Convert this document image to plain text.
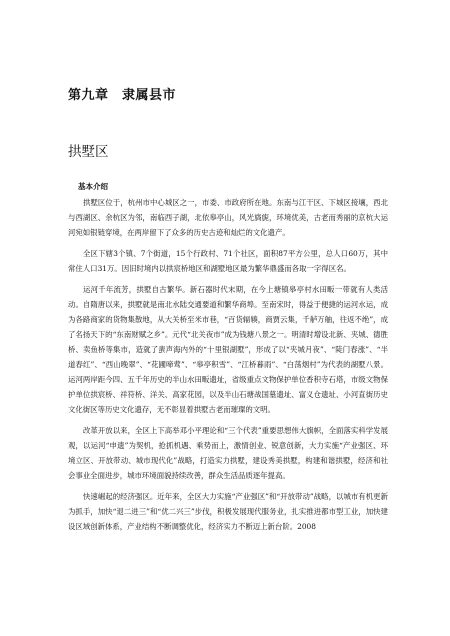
第九章　隶属县市
拱墅区

基本介绍

拱墅区位于，杭州市中心城区之一，市委、市政府所在地。东南与江干区、下城区接壤，西北与西湖区、余杭区为邻，南临西子湖，北依皋亭山，风光旖旎，环境优美，古老而秀丽的京杭大运河宛如银链穿境，在两岸留下了众多的历史古迹和灿烂的文化遗产。

全区下辖3个镇、7个街道，15个行政村、71个社区，面积87平方公里，总人口60万，其中常住人口31万。因旧时境内以拱宸桥地区和湖墅地区最为繁华鼎盛而各取一字得区名。

运河千年流芳，拱墅自古繁华。新石器时代末期，在今上塘镇皋亭村水田畈一带就有人类活动。自隋唐以来，拱墅就是南北水陆交通要道和繁华商埠。至南宋时，得益于便捷的运河水运，成为各路商家的货物集散地，从大关桥至米市巷，“百货辐辏，商贾云集，千舻万舳，往返不绝”，成了名扬天下的“东南财赋之乡”。元代“北关夜市”成为钱塘八景之一。明清时增设北新、夹城、德胜桥、卖鱼桥等集市，造就了蜚声海内外的“十里银湖墅”，形成了以“夹城月夜”、“陡门春涨”、“半道春红”、“西山晚翠”、“花圃啼莺”、“皋亭积雪”、“江桥暮雨”、“白荡烟村”为代表的湖墅八景。运河两岸距今四、五千年历史的半山水田畈遗址，省级重点文物保护单位香积寺石塔，市级文物保护单位拱宸桥、祥符桥、洋关、高家花园，以及半山石塘战国墓遗址、富义仓遗址、小河直街历史文化街区等历史文化遗存，无不彰显着拱墅古老而璀璨的文明。

改革开放以来，全区上下高举邓小平理论和“三个代表”重要思想伟大旗帜，全面落实科学发展观，以运河“申遗”为契机，抢抓机遇、乘势而上，激情创业、锐意创新，大力实施“产业强区、环境立区、开放带动、城市现代化”战略，打造实力拱墅，建设秀美拱墅，构建和谐拱墅，经济和社会事业全面进步，城市环境面貌持续改善，群众生活品质逐年提高。

快速崛起的经济强区。近年来，全区大力实施“产业强区”和“开放带动”战略，以城市有机更新为抓手，加快“退二进三”和“优二兴三”步伐，积极发展现代服务业，扎实推进都市型工业，加快建设区域创新体系，产业结构不断调整优化，经济实力不断迈上新台阶。2008
